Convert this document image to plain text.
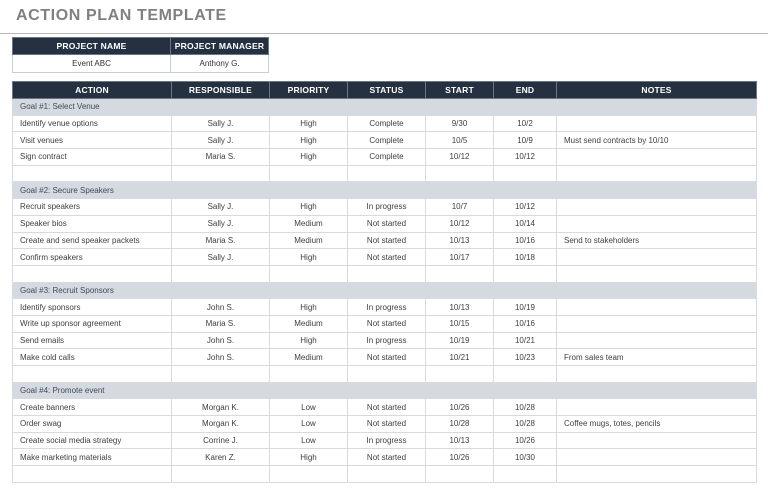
ACTION PLAN TEMPLATE
PROJECT NAME	PROJECT MANAGER
Event ABC	Anthony G.
ACTION	RESPONSIBLE	PRIORITY	STATUS	START	END	NOTES
Goal #1: Select Venue						
Identify venue options	Sally J.	High	Complete	9/30	10/2	
Visit venues	Sally J.	High	Complete	10/5	10/9	Must send contracts by 10/10
Sign contract	Maria S.	High	Complete	10/12	10/12	

Goal #2: Secure Speakers						
Recruit speakers	Sally J.	High	In progress	10/7	10/12	
Speaker bios	Sally J.	Medium	Not started	10/12	10/14	
Create and send speaker packets	Maria S.	Medium	Not started	10/13	10/16	Send to stakeholders
Confirm speakers	Sally J.	High	Not started	10/17	10/18	

Goal #3: Recruit Sponsors						
Identify sponsors	John S.	High	In progress	10/13	10/19	
Write up sponsor agreement	Maria S.	Medium	Not started	10/15	10/16	
Send emails	John S.	High	In progress	10/19	10/21	
Make cold calls	John S.	Medium	Not started	10/21	10/23	From sales team

Goal #4: Promote event						
Create banners	Morgan K.	Low	Not started	10/26	10/28	
Order swag	Morgan K.	Low	Not started	10/28	10/28	Coffee mugs, totes, pencils
Create social media strategy	Corrine J.	Low	In progress	10/13	10/26	
Make marketing materials	Karen Z.	High	Not started	10/26	10/30	
